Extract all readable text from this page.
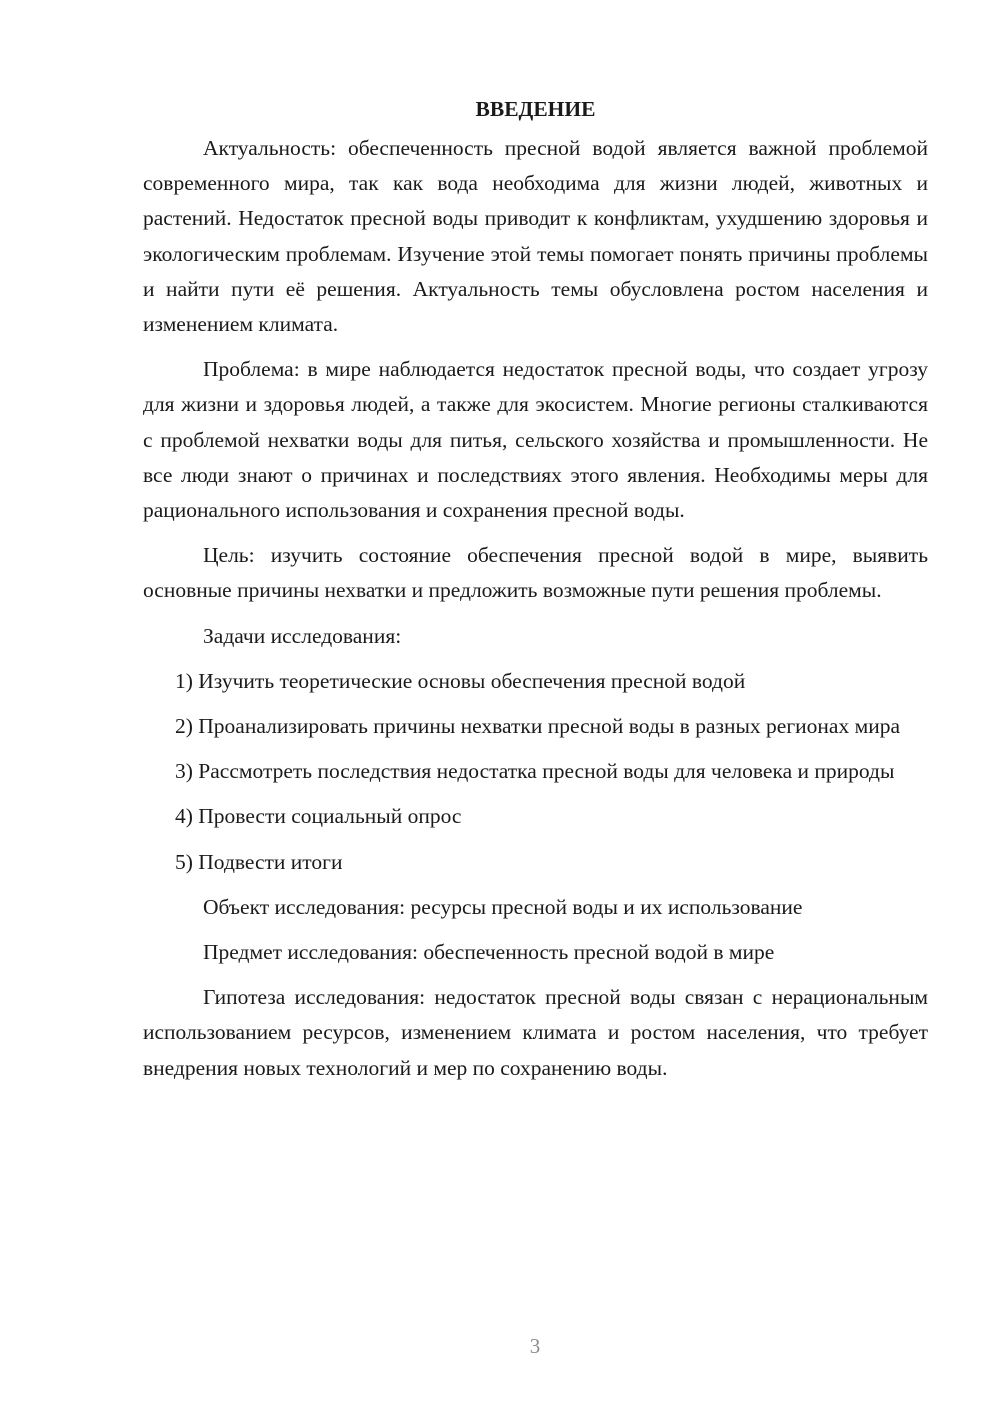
ВВЕДЕНИЕ

Актуальность: обеспеченность пресной водой является важной проблемой современного мира, так как вода необходима для жизни людей, животных и растений. Недостаток пресной воды приводит к конфликтам, ухудшению здоровья и экологическим проблемам. Изучение этой темы помогает понять причины проблемы и найти пути её решения. Актуальность темы обусловлена ростом населения и изменением климата.

Проблема: в мире наблюдается недостаток пресной воды, что создает угрозу для жизни и здоровья людей, а также для экосистем. Многие регионы сталкиваются с проблемой нехватки воды для питья, сельского хозяйства и промышленности. Не все люди знают о причинах и последствиях этого явления. Необходимы меры для рационального использования и сохранения пресной воды.

Цель: изучить состояние обеспечения пресной водой в мире, выявить основные причины нехватки и предложить возможные пути решения проблемы.

Задачи исследования:

1) Изучить теоретические основы обеспечения пресной водой

2) Проанализировать причины нехватки пресной воды в разных регионах мира

3) Рассмотреть последствия недостатка пресной воды для человека и природы

4) Провести социальный опрос

5) Подвести итоги

Объект исследования: ресурсы пресной воды и их использование

Предмет исследования: обеспеченность пресной водой в мире

Гипотеза исследования: недостаток пресной воды связан с нерациональным использованием ресурсов, изменением климата и ростом населения, что требует внедрения новых технологий и мер по сохранению воды.

3
